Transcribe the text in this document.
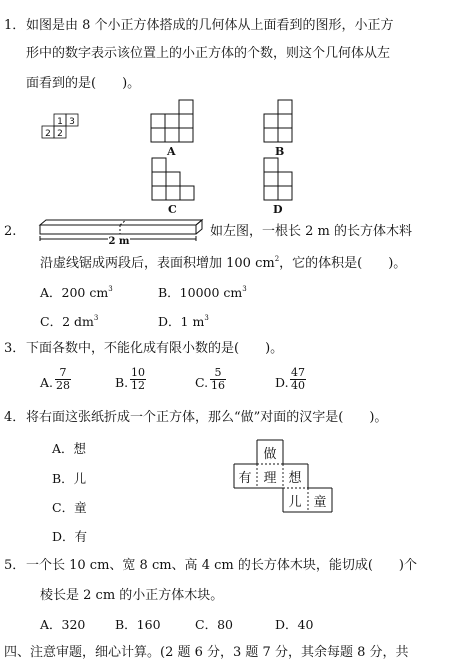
1． 如图是由 8 个小正方体搭成的几何体从上面看到的图形，小正方
形中的数字表示该位置上的小正方体的个数，则这个几何体从左
面看到的是(　　)。
1 3
2 2
A	B
C	D
2.
2 m
如左图，一根长 2 m 的长方体木料
沿虚线锯成两段后，表面积增加 100 $cm^2$，它的体积是(　　)。
A．200 $cm^3$	B．10000 $cm^3$
C．2 $dm^3$	D．1 $m^3$
3． 下面各数中，不能化成有限小数的是(　　)。
A. $\frac{7}{28}$	B. $\frac{10}{12}$	C. $\frac{5}{16}$	D. $\frac{47}{40}$
4． 将右面这张纸折成一个正方体，那么“做”对面的汉字是(　　)。
A．想
B．儿
C．童
D．有
做
有 理 想
儿 童
5． 一个长 10 cm、宽 8 cm、高 4 cm 的长方体木块，能切成(　　)个
棱长是 2 cm 的小正方体木块。
A．320 B．160	C．80	D．40
四、注意审题，细心计算。(2 题 6 分，3 题 7 分，其余每题 8 分，共
